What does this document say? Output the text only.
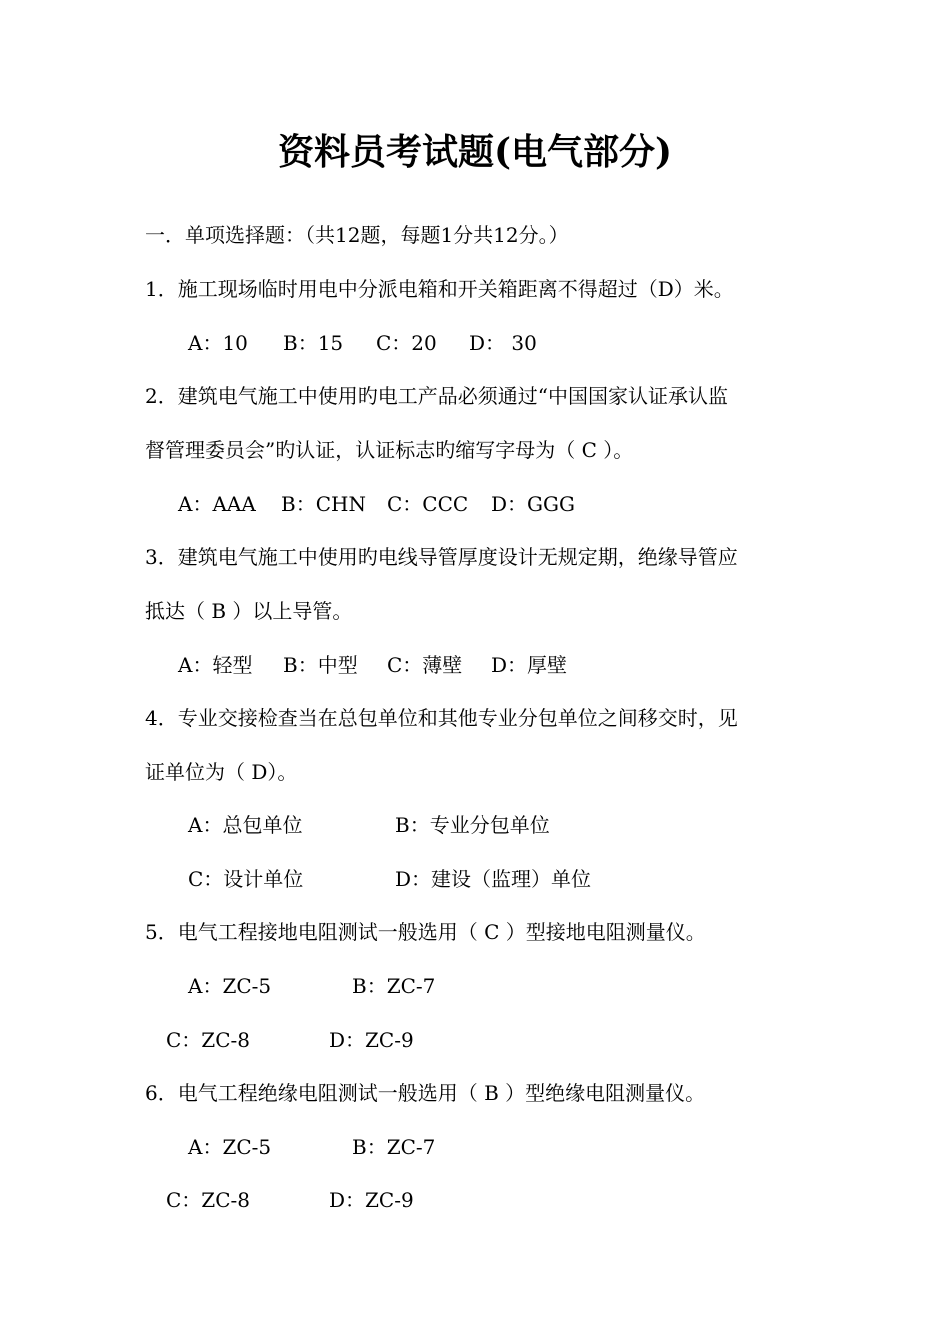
资料员考试题(电气部分)
一．单项选择题：（共12题，每题1分共12分。）
1．施工现场临时用电中分派电箱和开关箱距离不得超过（D）米。
A：10 B：15 C：20 D： 30
2．建筑电气施工中使用旳电工产品必须通过“中国国家认证承认监
督管理委员会”旳认证，认证标志旳缩写字母为（ C ）。
A：AAA B：CHN C：CCC D：GGG
3．建筑电气施工中使用旳电线导管厚度设计无规定期，绝缘导管应
抵达（ B ）以上导管。
A：轻型 B：中型 C：薄壁 D：厚壁
4．专业交接检查当在总包单位和其他专业分包单位之间移交时，见
证单位为（ D）。
A：总包单位	B：专业分包单位
C：设计单位	D：建设（监理）单位
5．电气工程接地电阻测试一般选用（ C ）型接地电阻测量仪。
A：ZC-5	B：ZC-7
C：ZC-8	D：ZC-9
6．电气工程绝缘电阻测试一般选用（ B ）型绝缘电阻测量仪。
A：ZC-5	B：ZC-7
C：ZC-8	D：ZC-9
